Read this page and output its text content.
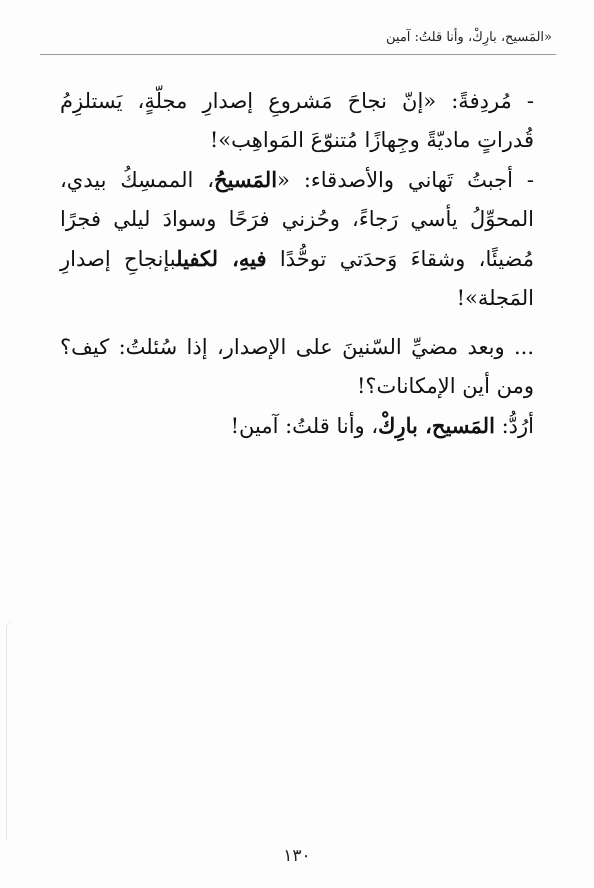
«المَسيح، بارِكْ، وأنا قلتُ: آمين

- مُردِفةً: «إنّ نجاحَ مَشروعِ إصدارِ مجلّةٍ، يَستلزِمُ قُدراتٍ ماديّةً وجِهازًا مُتنوّعَ المَواهِب»!

- أجبتُ تَهاني والأصدقاء: «المَسيحُ، الممسِكُ بيدي، المحوِّلُ يأسي رَجاءً، وحُزني فرَحًا وسوادَ ليلي فجرًا مُضيئًا، وشقاءَ وَحدَتي توحُّدًا فيهِ، لكفيلبإنجاحِ إصدارِ المَجلة»!

... وبعد مضيِّ السّنينَ على الإصدار، إذا سُئلتُ: كيف؟ ومن أين الإمكانات؟!

أرُدُّ: المَسيح، بارِكْ، وأنا قلتُ: آمين!

١٣٠
